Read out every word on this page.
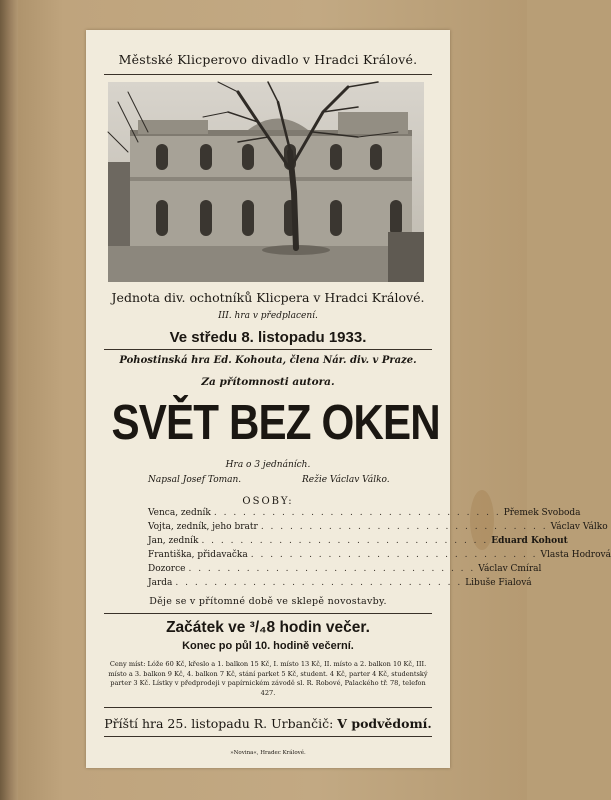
Městské Klicperovo divadlo v Hradci Králové.
Jednota div. ochotníků Klicpera v Hradci Králové.
III. hra v předplacení.
Ve středu 8. listopadu 1933.
Pohostinská hra Ed. Kohouta, člena Nár. div. v Praze.
Za přítomnosti autora.
SVĚT BEZ OKEN
Hra o 3 jednáních.
Napsal Josef Toman.	Režie Václav Válko.
OSOBY:
Venca, zedník . . . . . . . . . . . . . . . . . . . . . . . . . . . . . . Přemek Svoboda
Vojta, zedník, jeho bratr . . . . . . . . . . . . . . . . . . . . . . . . . . . . . . Václav Válko
Jan, zedník . . . . . . . . . . . . . . . . . . . . . . . . . . . . . . Eduard Kohout
Františka, přidavačka . . . . . . . . . . . . . . . . . . . . . . . . . . . . . . Vlasta Hodrová
Dozorce . . . . . . . . . . . . . . . . . . . . . . . . . . . . . . Václav Cmíral
Jarda . . . . . . . . . . . . . . . . . . . . . . . . . . . . . . Libuše Fialová
Děje se v přítomné době ve sklepě novostavby.
Začátek ve ³/₄8 hodin večer.
Konec po půl 10. hodině večerní.
Ceny míst: Lóže 60 Kč, křeslo a 1. balkon 15 Kč, I. místo 13 Kč, II. místo a 2. balkon 10 Kč, III. místo a 3. balkon 9 Kč, 4. balkon 7 Kč, stání parket 5 Kč, student. 4 Kč, parter 4 Kč, studentský parter 3 Kč. Lístky v předprodeji v papírnickém závodě sl. R. Robové, Palackého tř. 78, telefon 427.
Příští hra 25. listopadu R. Urbančič: V podvědomí.
»Novina«, Hradec Králové.
